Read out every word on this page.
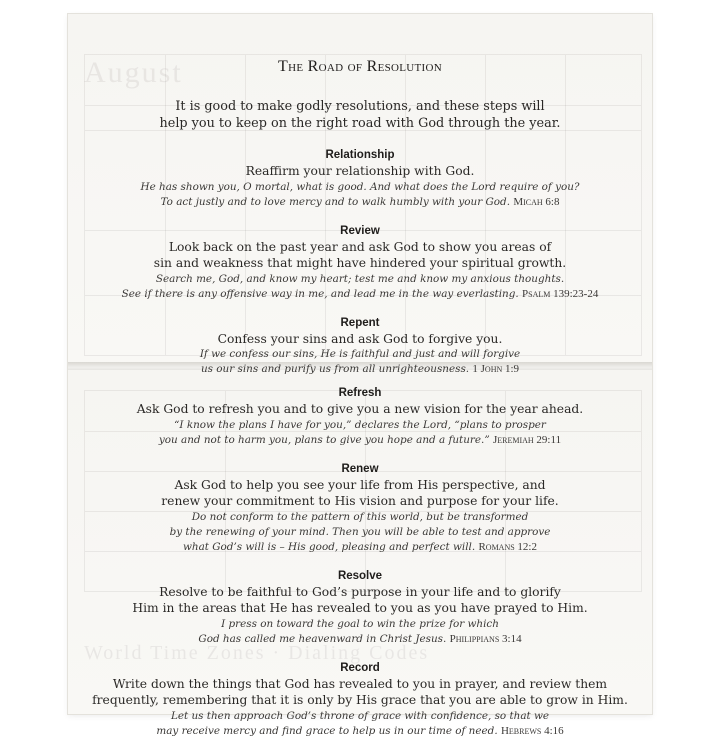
August
World Time Zones · Dialing Codes
The Road of Resolution
It is good to make godly resolutions, and these steps will
help you to keep on the right road with God through the year.
Relationship
Reaffirm your relationship with God.
He has shown you, O mortal, what is good. And what does the Lord require of you?
To act justly and to love mercy and to walk humbly with your God. Micah 6:8
Review
Look back on the past year and ask God to show you areas of
sin and weakness that might have hindered your spiritual growth.
Search me, God, and know my heart; test me and know my anxious thoughts.
See if there is any offensive way in me, and lead me in the way everlasting. Psalm 139:23-24
Repent
Confess your sins and ask God to forgive you.
If we confess our sins, He is faithful and just and will forgive
us our sins and purify us from all unrighteousness. 1 John 1:9
Refresh
Ask God to refresh you and to give you a new vision for the year ahead.
“I know the plans I have for you,” declares the Lord, “plans to prosper
you and not to harm you, plans to give you hope and a future.” Jeremiah 29:11
Renew
Ask God to help you see your life from His perspective, and
renew your commitment to His vision and purpose for your life.
Do not conform to the pattern of this world, but be transformed
by the renewing of your mind. Then you will be able to test and approve
what God’s will is – His good, pleasing and perfect will. Romans 12:2
Resolve
Resolve to be faithful to God’s purpose in your life and to glorify
Him in the areas that He has revealed to you as you have prayed to Him.
I press on toward the goal to win the prize for which
God has called me heavenward in Christ Jesus. Philippians 3:14
Record
Write down the things that God has revealed to you in prayer, and review them
frequently, remembering that it is only by His grace that you are able to grow in Him.
Let us then approach God’s throne of grace with confidence, so that we
may receive mercy and find grace to help us in our time of need. Hebrews 4:16
